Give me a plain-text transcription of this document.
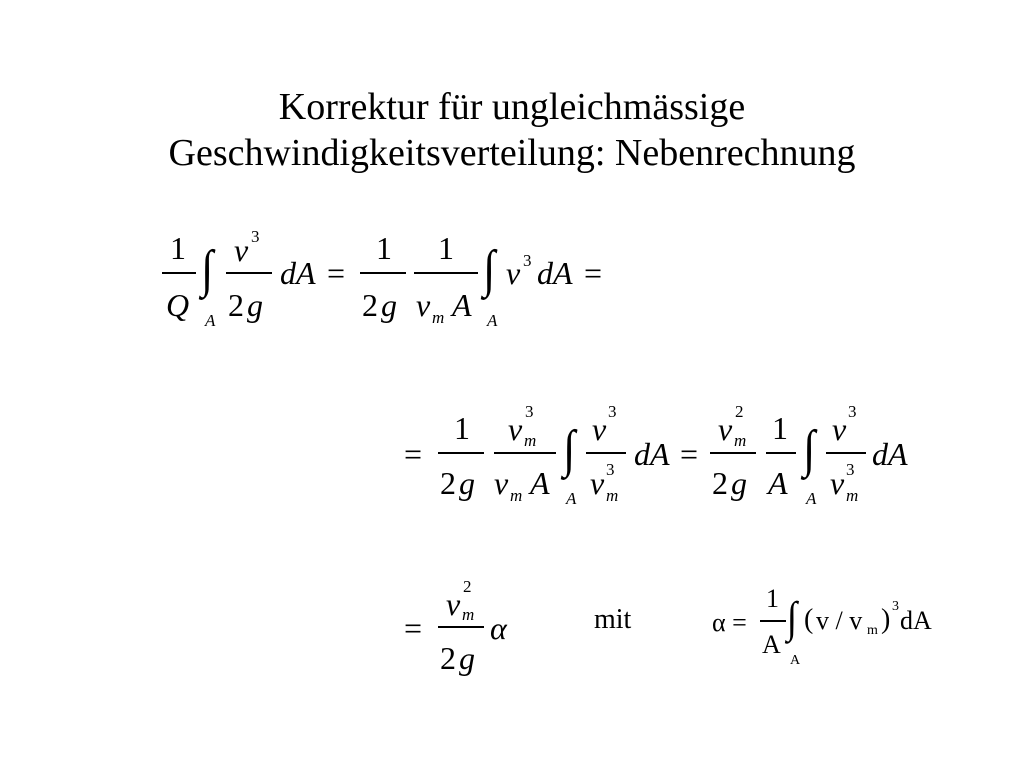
Korrektur für ungleichmässige
Geschwindigkeitsverteilung: Nebenrechnung
1
Q
∫
A
v 3
2 g
dA =
1
2 g
1
v m A
∫
A
v 3 dA =
=
1
2 g
v 3
m
v m A
∫
A
v 3
v 3
m
dA =
v 2
m
2 g
1
A
∫
A
v 3
v 3
m
dA
=
v 2
m
2 g
α	mit	α =
1
A
∫
A
( v / v m ) 3 dA
